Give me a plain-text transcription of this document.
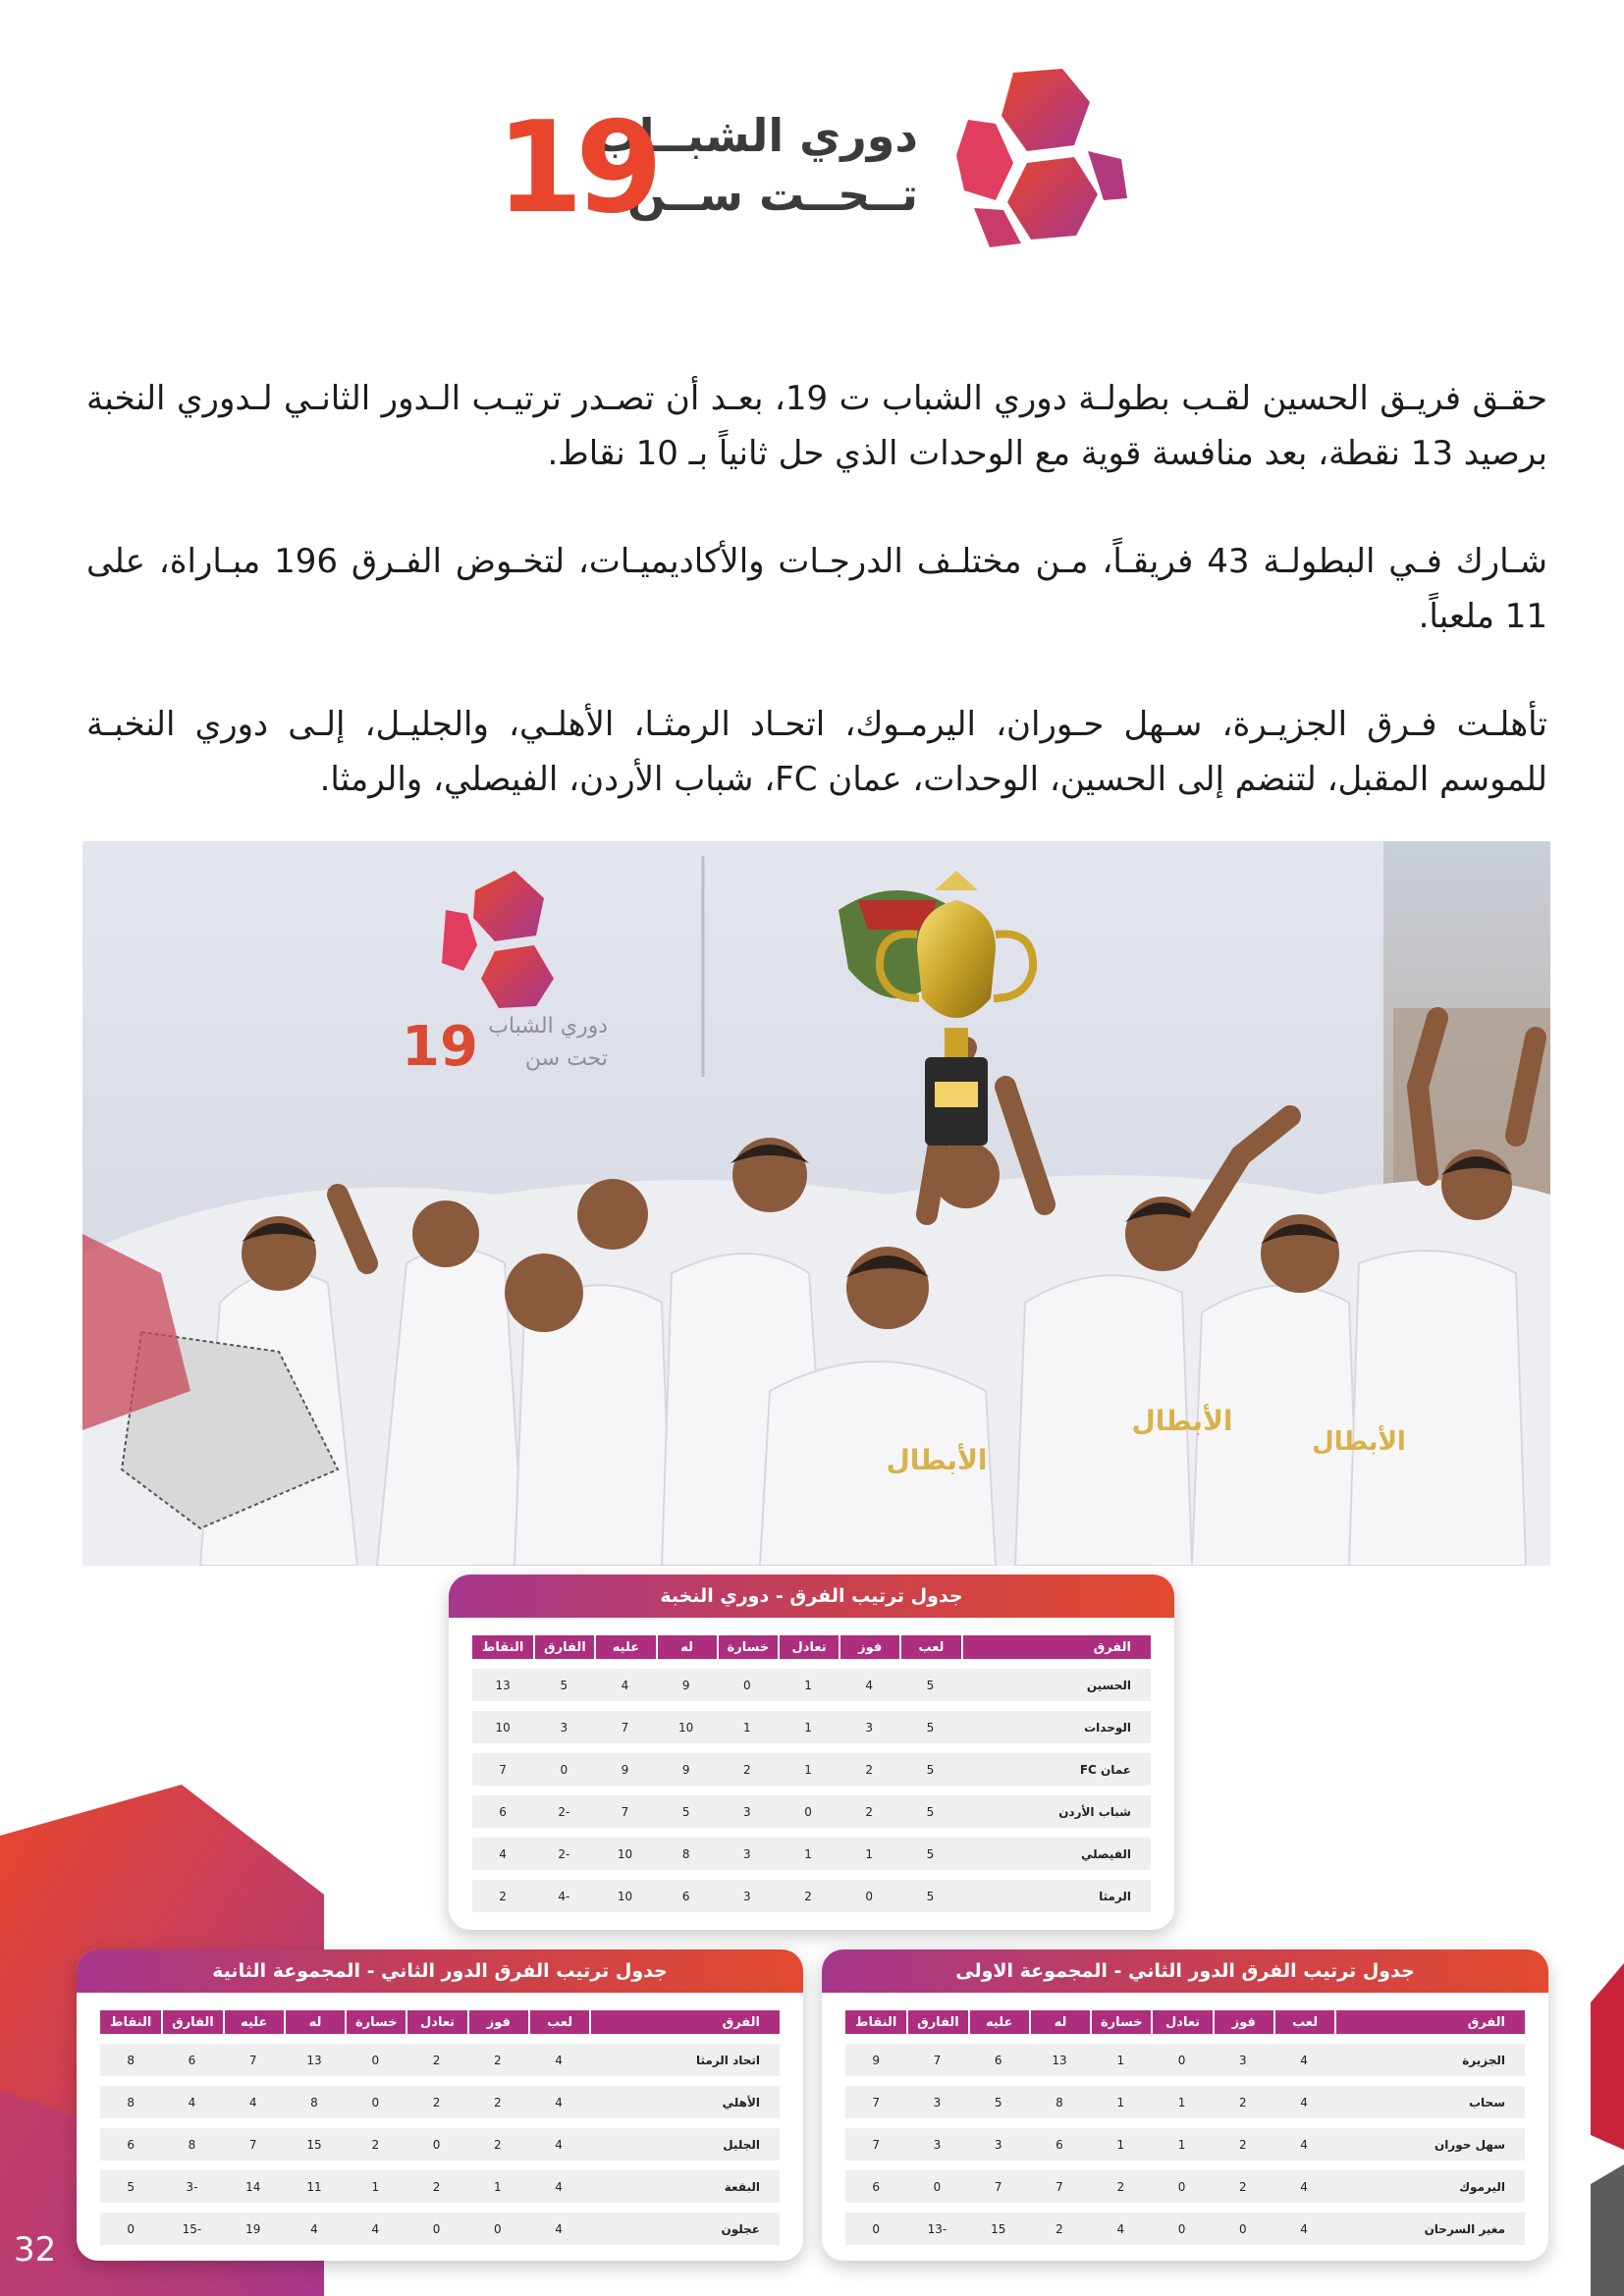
دوري الشبــاب
تــحــت ســن
19

حقـق فريـق الحسين لقـب بطولـة دوري الشباب ت 19، بعـد أن تصـدر ترتيـب الـدور الثانـي لـدوري النخبة برصيد 13 نقطة، بعد منافسة قوية مع الوحدات الذي حل ثانياً بـ 10 نقاط.

شـارك فـي البطولـة 43 فريقـاً، مـن مختلـف الدرجـات والأكاديميـات، لتخـوض الفـرق 196 مبـاراة، على 11 ملعباً.

تأهلـت فـرق الجزيـرة، سـهل حـوران، اليرمـوك، اتحـاد الرمثـا، الأهلـي، والجليـل، إلـى دوري النخبـة للموسم المقبل، لتنضم إلى الحسين، الوحدات، عمان FC، شباب الأردن، الفيصلي، والرمثا.

19 دوري الشباب
تحت سن
الأبطال
الأبطال
الأبطال
جدول ترتيب الفرق - دوري النخبة
الفرق	لعب	فوز	تعادل	خسارة	له	عليه	الفارق	النقاط
الحسين	5	4	1	0	9	4	5	13
الوحدات	5	3	1	1	10	7	3	10
عمان FC	5	2	1	2	9	9	0	7
شباب الأردن	5	2	0	3	5	7	-2	6
الفيصلي	5	1	1	3	8	10	-2	4
الرمثا	5	0	2	3	6	10	-4	2
جدول ترتيب الفرق الدور الثاني - المجموعة الاولى
الفرق	لعب	فوز	تعادل	خسارة	له	عليه	الفارق	النقاط
الجزيرة	4	3	0	1	13	6	7	9
سحاب	4	2	1	1	8	5	3	7
سهل حوران	4	2	1	1	6	3	3	7
اليرموك	4	2	0	2	7	7	0	6
مغير السرحان	4	0	0	4	2	15	-13	0
جدول ترتيب الفرق الدور الثاني - المجموعة الثانية
الفرق	لعب	فوز	تعادل	خسارة	له	عليه	الفارق	النقاط
اتحاد الرمثا	4	2	2	0	13	7	6	8
الأهلي	4	2	2	0	8	4	4	8
الجليل	4	2	0	2	15	7	8	6
البقعة	4	1	2	1	11	14	-3	5
عجلون	4	0	0	4	4	19	-15	0
32
